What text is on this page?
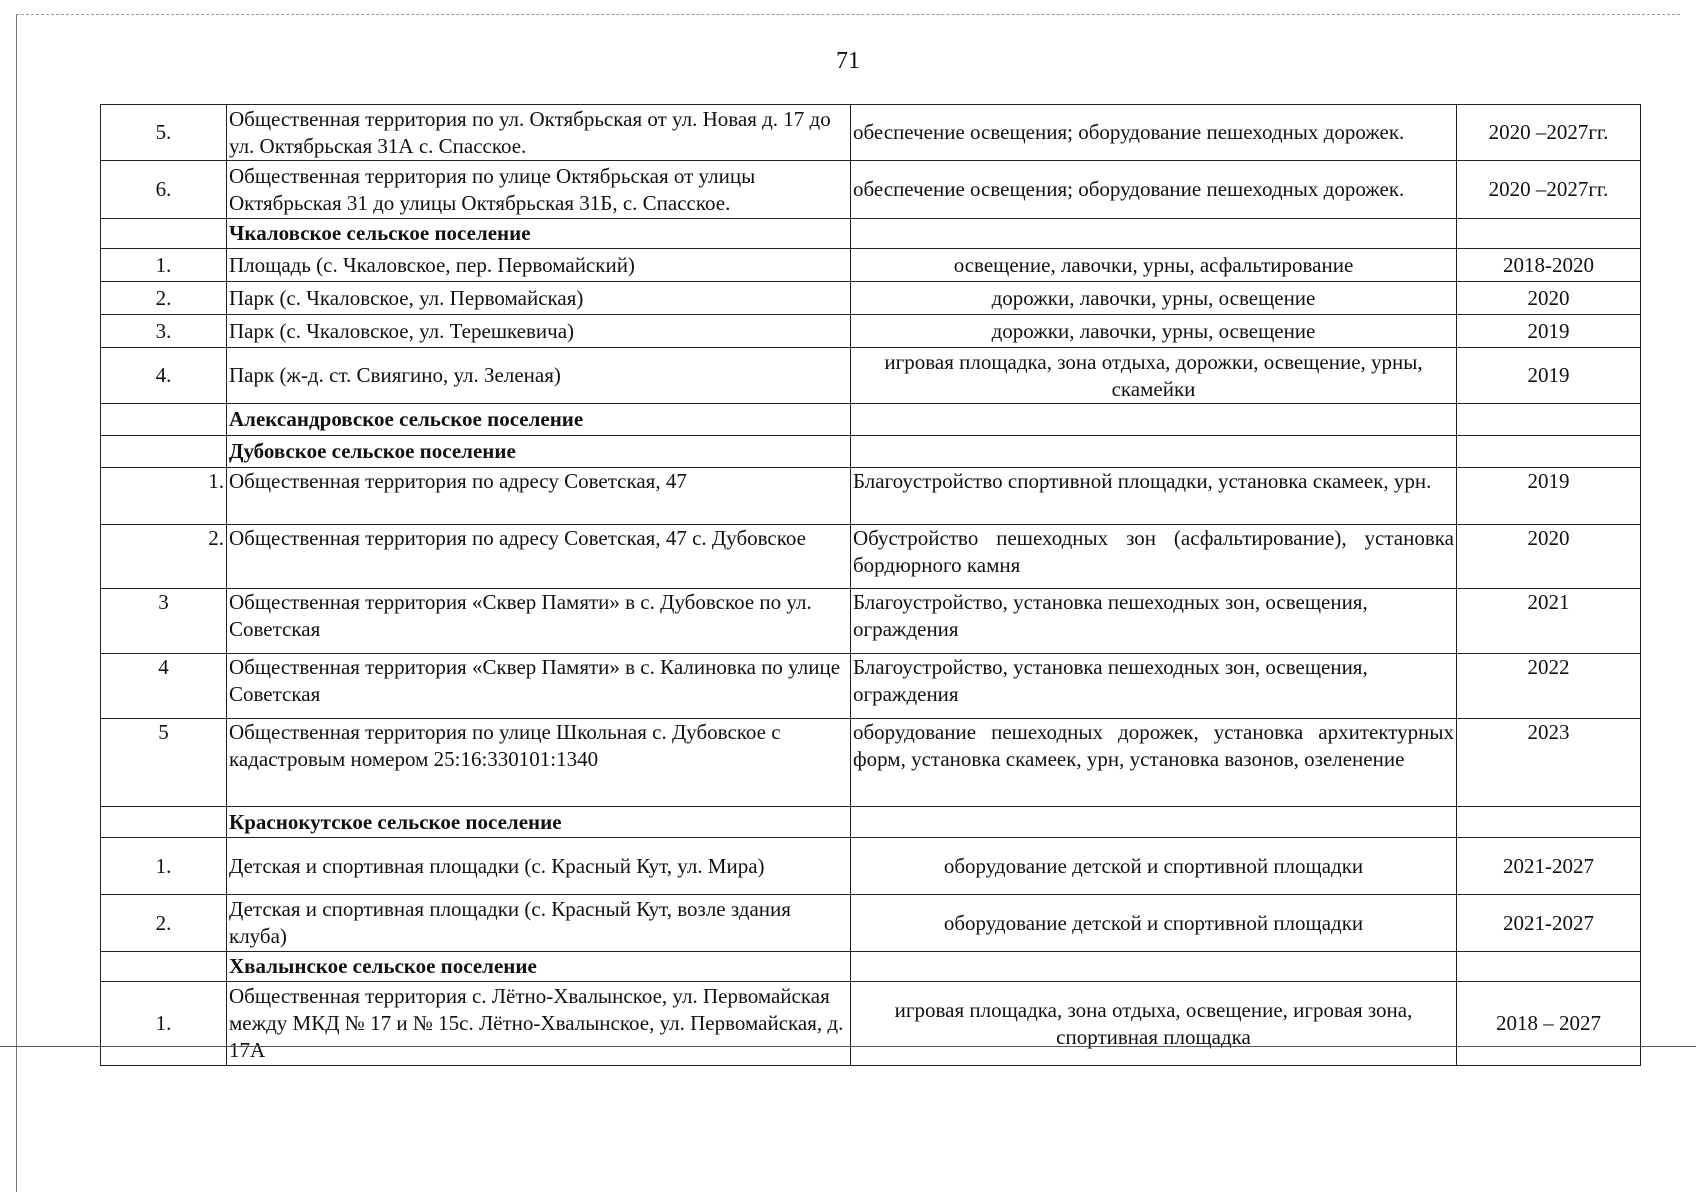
71
5.	Общественная территория по ул. Октябрьская от ул. Новая д. 17 до ул. Октябрьская 31А с. Спасское.	обеспечение освещения; оборудование пешеходных дорожек.	2020 –2027гг.
6.	Общественная территория по улице Октябрьская от улицы Октябрьская 31 до улицы Октябрьская 31Б, с. Спасское.	обеспечение освещения; оборудование пешеходных дорожек.	2020 –2027гг.
	Чкаловское сельское поселение		
1.	Площадь (с. Чкаловское, пер. Первомайский)	освещение, лавочки, урны, асфальтирование	2018-2020
2.	Парк (с. Чкаловское, ул. Первомайская)	дорожки, лавочки, урны, освещение	2020
3.	Парк (с. Чкаловское, ул. Терешкевича)	дорожки, лавочки, урны, освещение	2019
4.	Парк (ж-д. ст. Свиягино, ул. Зеленая)	игровая площадка, зона отдыха, дорожки, освещение, урны, скамейки	2019
	Александровское сельское поселение		
	Дубовское сельское поселение		
1.	Общественная территория по адресу Советская, 47	Благоустройство спортивной площадки, установка скамеек, урн.	2019
2.	Общественная территория по адресу Советская, 47 с. Дубовское	Обустройство пешеходных зон (асфальтирование), установка бордюрного камня	2020
3	Общественная территория «Сквер Памяти» в с. Дубовское по ул. Советская	Благоустройство, установка пешеходных зон, освещения, ограждения	2021
4	Общественная территория «Сквер Памяти» в с. Калиновка по улице Советская	Благоустройство, установка пешеходных зон, освещения, ограждения	2022
5	Общественная территория по улице Школьная с. Дубовское с кадастровым номером 25:16:330101:1340	оборудование пешеходных дорожек, установка архитектурных форм, установка скамеек, урн, установка вазонов, озеленение	2023
	Краснокутское сельское поселение		
1.	Детская и спортивная площадки (с. Красный Кут, ул. Мира)	оборудование детской и спортивной площадки	2021-2027
2.	Детская и спортивная площадки (с. Красный Кут, возле здания клуба)	оборудование детской и спортивной площадки	2021-2027
	Хвалынское сельское поселение		
1.	Общественная территория с. Лётно-Хвалынское, ул. Первомайская между МКД № 17 и № 15с. Лётно-Хвалынское, ул. Первомайская, д. 17А	игровая площадка, зона отдыха, освещение, игровая зона, спортивная площадка	2018 – 2027
